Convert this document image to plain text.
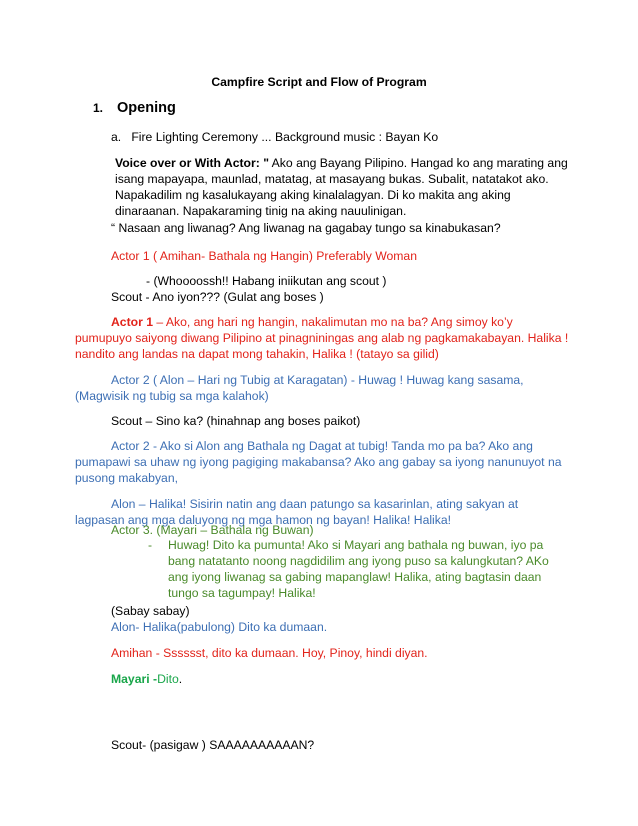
Campfire Script and Flow of Program
1. Opening

a. Fire Lighting Ceremony ... Background music : Bayan Ko

Voice over or With Actor: " Ako ang Bayang Pilipino. Hangad ko ang marating ang isang mapayapa, maunlad, matatag, at masayang bukas. Subalit, natatakot ako. Napakadilim ng kasalukayang aking kinalalagyan. Di ko makita ang aking dinaraanan. Napakaraming tinig na aking nauulinigan.

“ Nasaan ang liwanag? Ang liwanag na gagabay tungo sa kinabukasan?

Actor 1 ( Amihan- Bathala ng Hangin) Preferably Woman

- (Whoooossh!! Habang iniikutan ang scout )

Scout - Ano iyon??? (Gulat ang boses )

Actor 1 – Ako, ang hari ng hangin, nakalimutan mo na ba? Ang simoy ko’y pumupuyo saiyong diwang Pilipino at pinagniningas ang alab ng pagkamakabayan. Halika ! nandito ang landas na dapat mong tahakin, Halika ! (tatayo sa gilid)

Actor 2 ( Alon – Hari ng Tubig at Karagatan) - Huwag ! Huwag kang sasama, (Magwisik ng tubig sa mga kalahok)

Scout – Sino ka? (hinahnap ang boses paikot)

Actor 2 - Ako si Alon ang Bathala ng Dagat at tubig! Tanda mo pa ba? Ako ang pumapawi sa uhaw ng iyong pagiging makabansa? Ako ang gabay sa iyong nanunuyot na pusong makabyan,

Alon – Halika! Sisirin natin ang daan patungo sa kasarinlan, ating sakyan at lagpasan ang mga daluyong ng mga hamon ng bayan! Halika! Halika!

Actor 3. (Mayari – Bathala ng Buwan)

-	Huwag! Dito ka pumunta! Ako si Mayari ang bathala ng buwan, iyo pa bang natatanto noong nagdidilim ang iyong puso sa kalungkutan? AKo ang iyong liwanag sa gabing mapanglaw! Halika, ating bagtasin daan tungo sa tagumpay! Halika!

(Sabay sabay)

Alon- Halika(pabulong) Dito ka dumaan.

Amihan - Sssssst, dito ka dumaan. Hoy, Pinoy, hindi diyan.

Mayari -Dito.

Scout- (pasigaw ) SAAAAAAAAAAN?
